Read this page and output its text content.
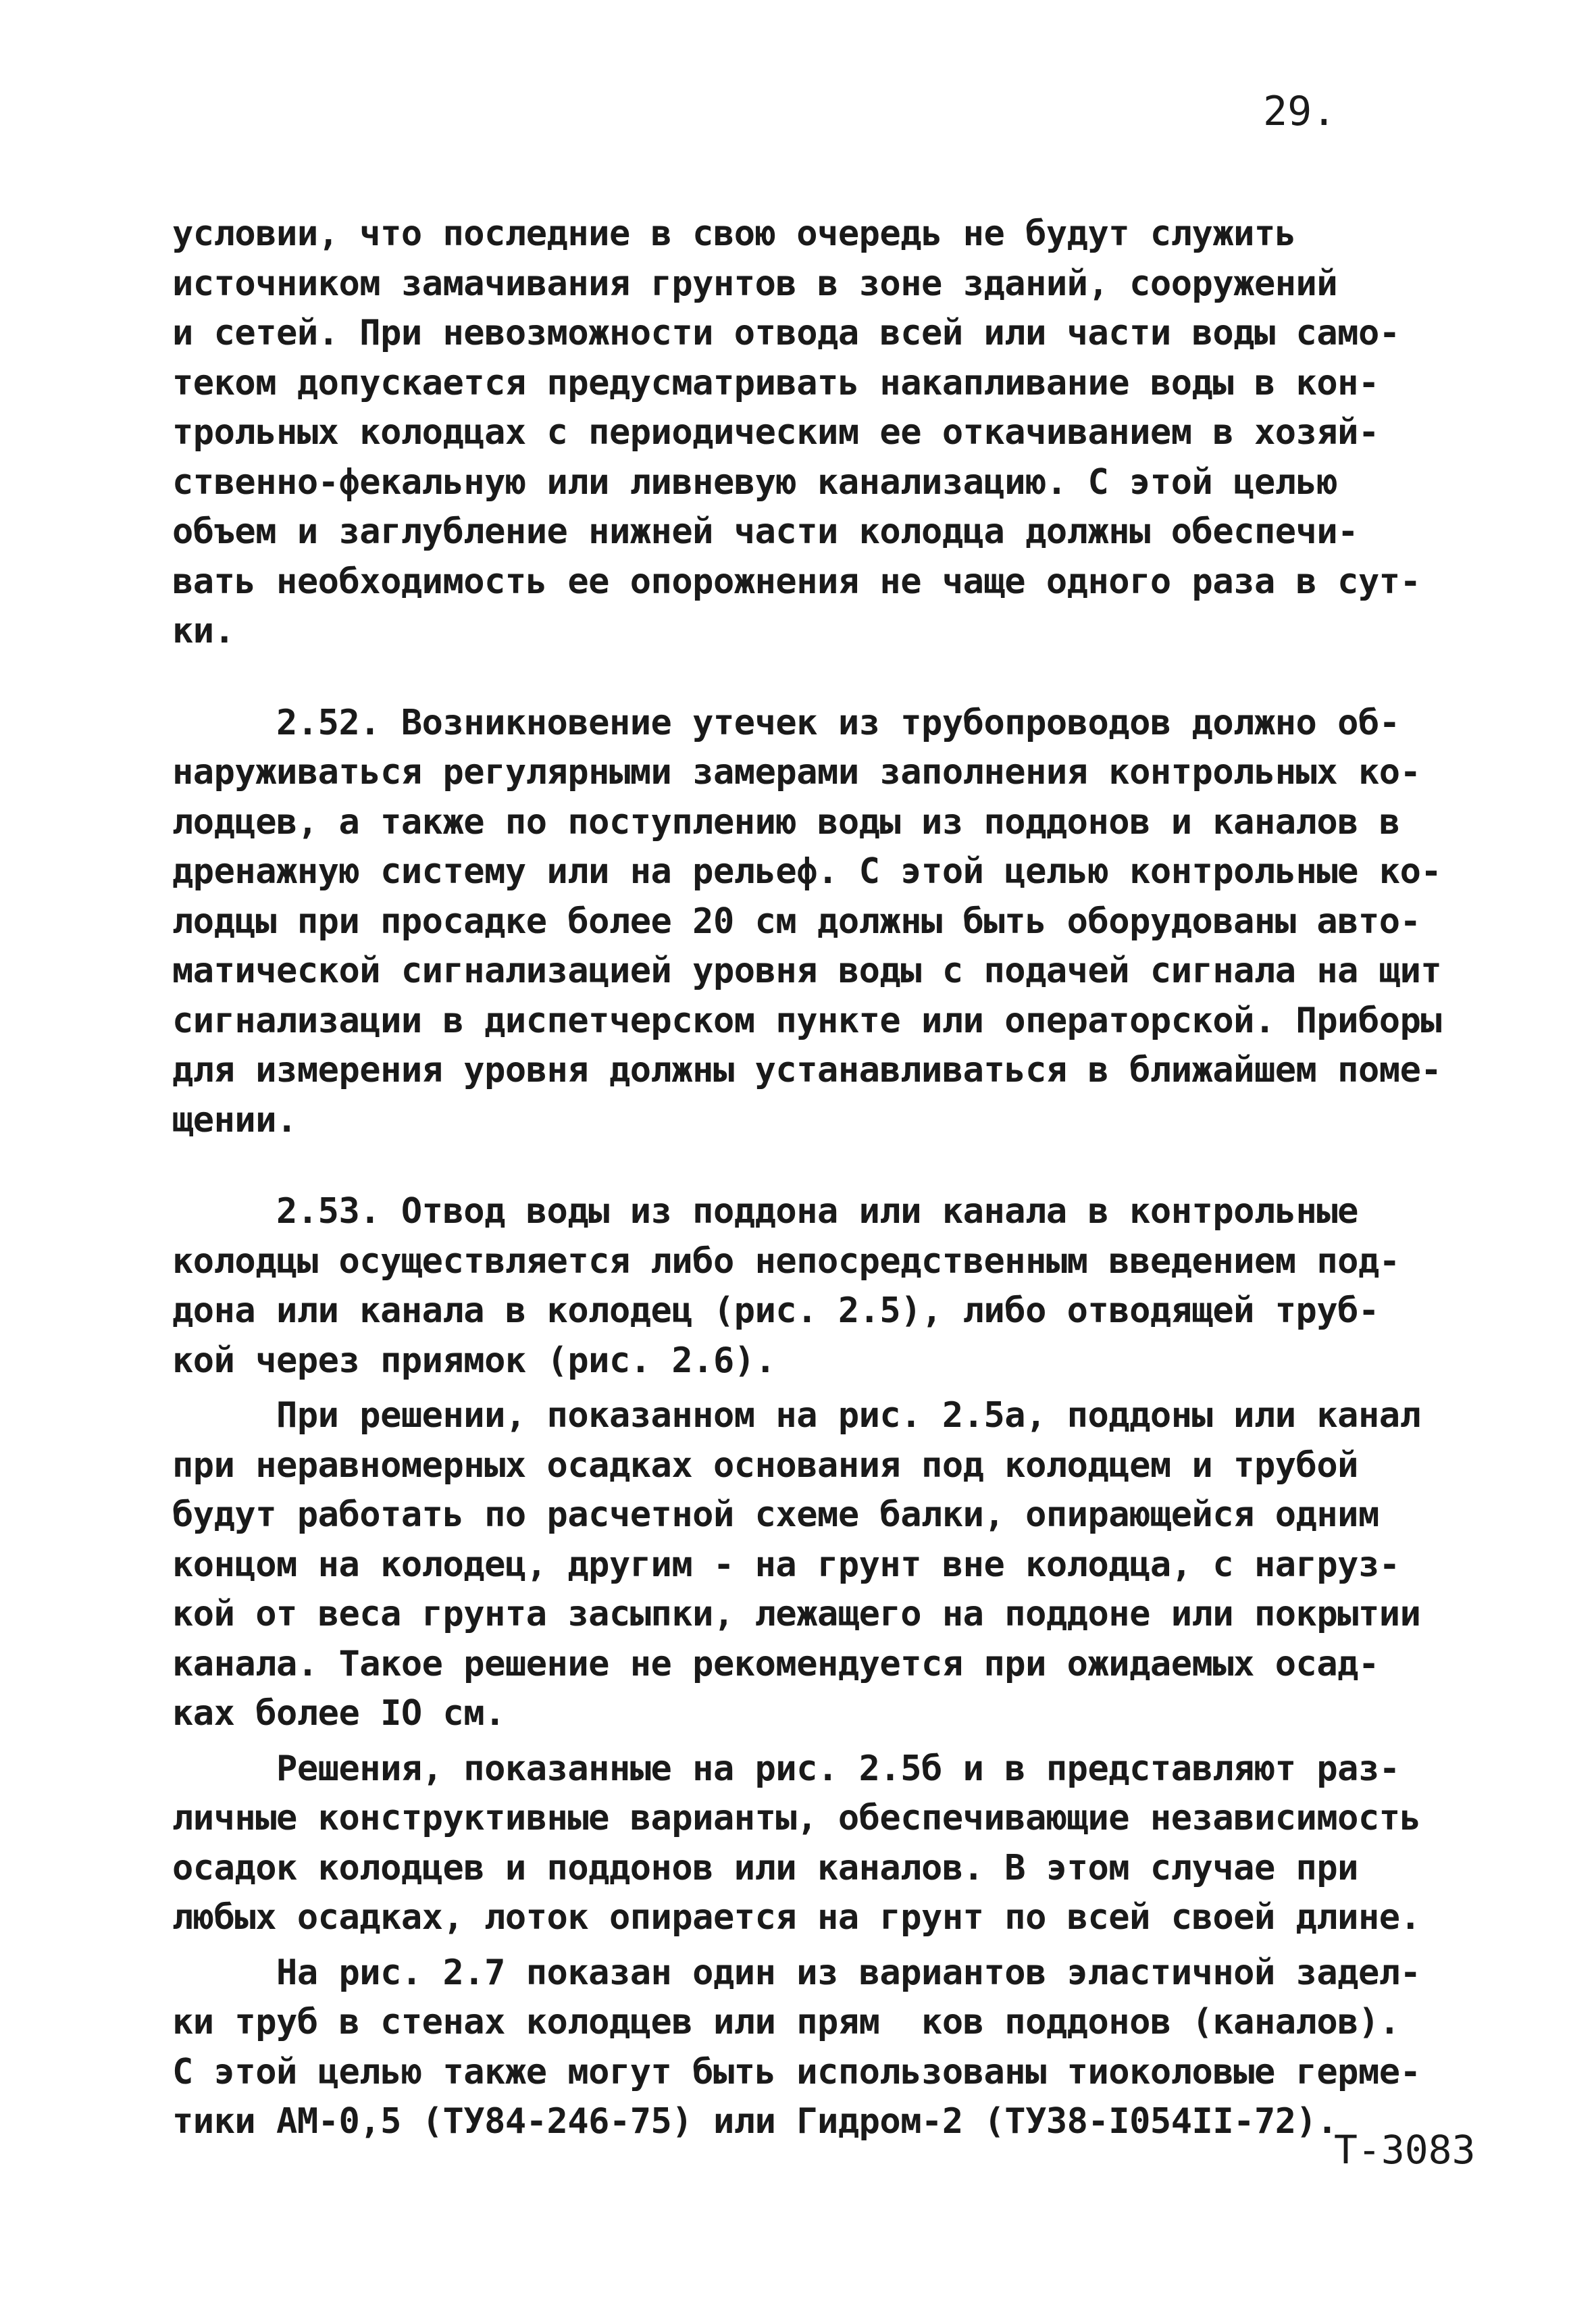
29.
условии, что последние в свою очередь не будут служить
источником замачивания грунтов в зоне зданий, сооружений
и сетей. При невозможности отвода всей или части воды само-
теком допускается предусматривать накапливание воды в кон-
трольных колодцах с периодическим ее откачиванием в хозяй-
ственно-фекальную или ливневую канализацию. С этой целью
объем и заглубление нижней части колодца должны обеспечи-
вать необходимость ее опорожнения не чаще одного раза в сут-
ки.
2.52. Возникновение утечек из трубопроводов должно об-
наруживаться регулярными замерами заполнения контрольных ко-
лодцев, а также по поступлению воды из поддонов и каналов в
дренажную систему или на рельеф. С этой целью контрольные ко-
лодцы при просадке более 20 см должны быть оборудованы авто-
матической сигнализацией уровня воды с подачей сигнала на щит
сигнализации в диспетчерском пункте или операторской. Приборы
для измерения уровня должны устанавливаться в ближайшем поме-
щении.
2.53. Отвод воды из поддона или канала в контрольные
колодцы осуществляется либо непосредственным введением под-
дона или канала в колодец (рис. 2.5), либо отводящей труб-
кой через приямок (рис. 2.6).
При решении, показанном на рис. 2.5а, поддоны или канал
при неравномерных осадках основания под колодцем и трубой
будут работать по расчетной схеме балки, опирающейся одним
концом на колодец, другим - на грунт вне колодца, с нагруз-
кой от веса грунта засыпки, лежащего на поддоне или покрытии
канала. Такое решение не рекомендуется при ожидаемых осад-
ках более IO см.
Решения, показанные на рис. 2.5б и в представляют раз-
личные конструктивные варианты, обеспечивающие независимость
осадок колодцев и поддонов или каналов. В этом случае при
любых осадках, лоток опирается на грунт по всей своей длине.
На рис. 2.7 показан один из вариантов эластичной задел-
ки труб в стенах колодцев или прям  ков поддонов (каналов).
С этой целью также могут быть использованы тиоколовые герме-
тики АМ-0,5 (ТУ84-246-75) или Гидром-2 (ТУ38-I054II-72).
Т-3083
